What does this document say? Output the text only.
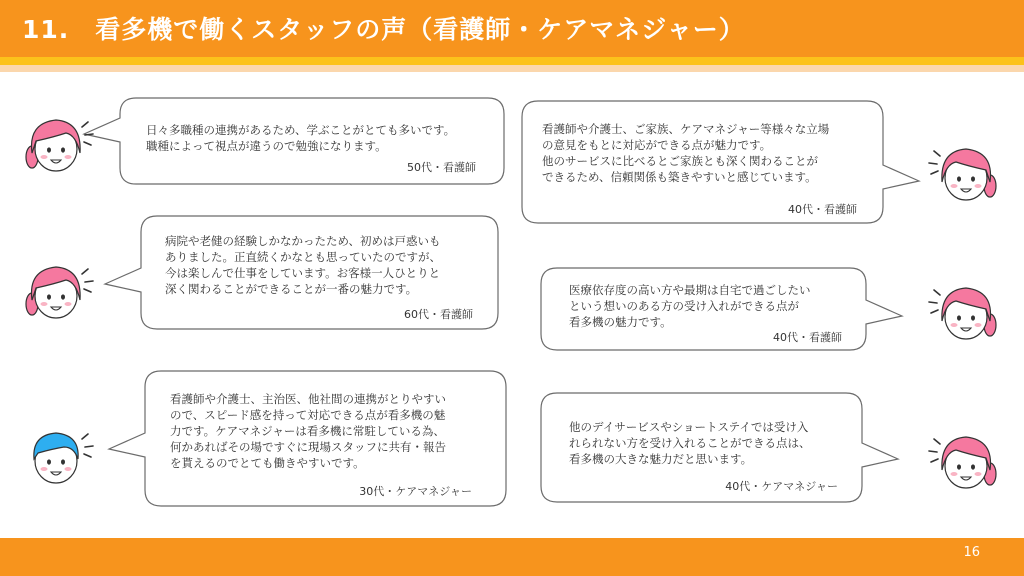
11.　看多機で働くスタッフの声（看護師・ケアマネジャー）
日々多職種の連携があるため、学ぶことがとても多いです。
職種によって視点が違うので勉強になります。
50代・看護師
病院や老健の経験しかなかったため、初めは戸惑いも
ありました。正直続くかなとも思っていたのですが、
今は楽しんで仕事をしています。お客様一人ひとりと
深く関わることができることが一番の魅力です。
60代・看護師
看護師や介護士、主治医、他社間の連携がとりやすい
ので、スピード感を持って対応できる点が看多機の魅
力です。ケアマネジャーは看多機に常駐している為、
何かあればその場ですぐに現場スタッフに共有・報告
を貰えるのでとても働きやすいです。
30代・ケアマネジャー
看護師や介護士、ご家族、ケアマネジャー等様々な立場
の意見をもとに対応ができる点が魅力です。
他のサービスに比べるとご家族とも深く関わることが
できるため、信頼関係も築きやすいと感じています。
40代・看護師
医療依存度の高い方や最期は自宅で過ごしたい
という想いのある方の受け入れができる点が
看多機の魅力です。
40代・看護師
他のデイサービスやショートステイでは受け入
れられない方を受け入れることができる点は、
看多機の大きな魅力だと思います。
40代・ケアマネジャー
16
